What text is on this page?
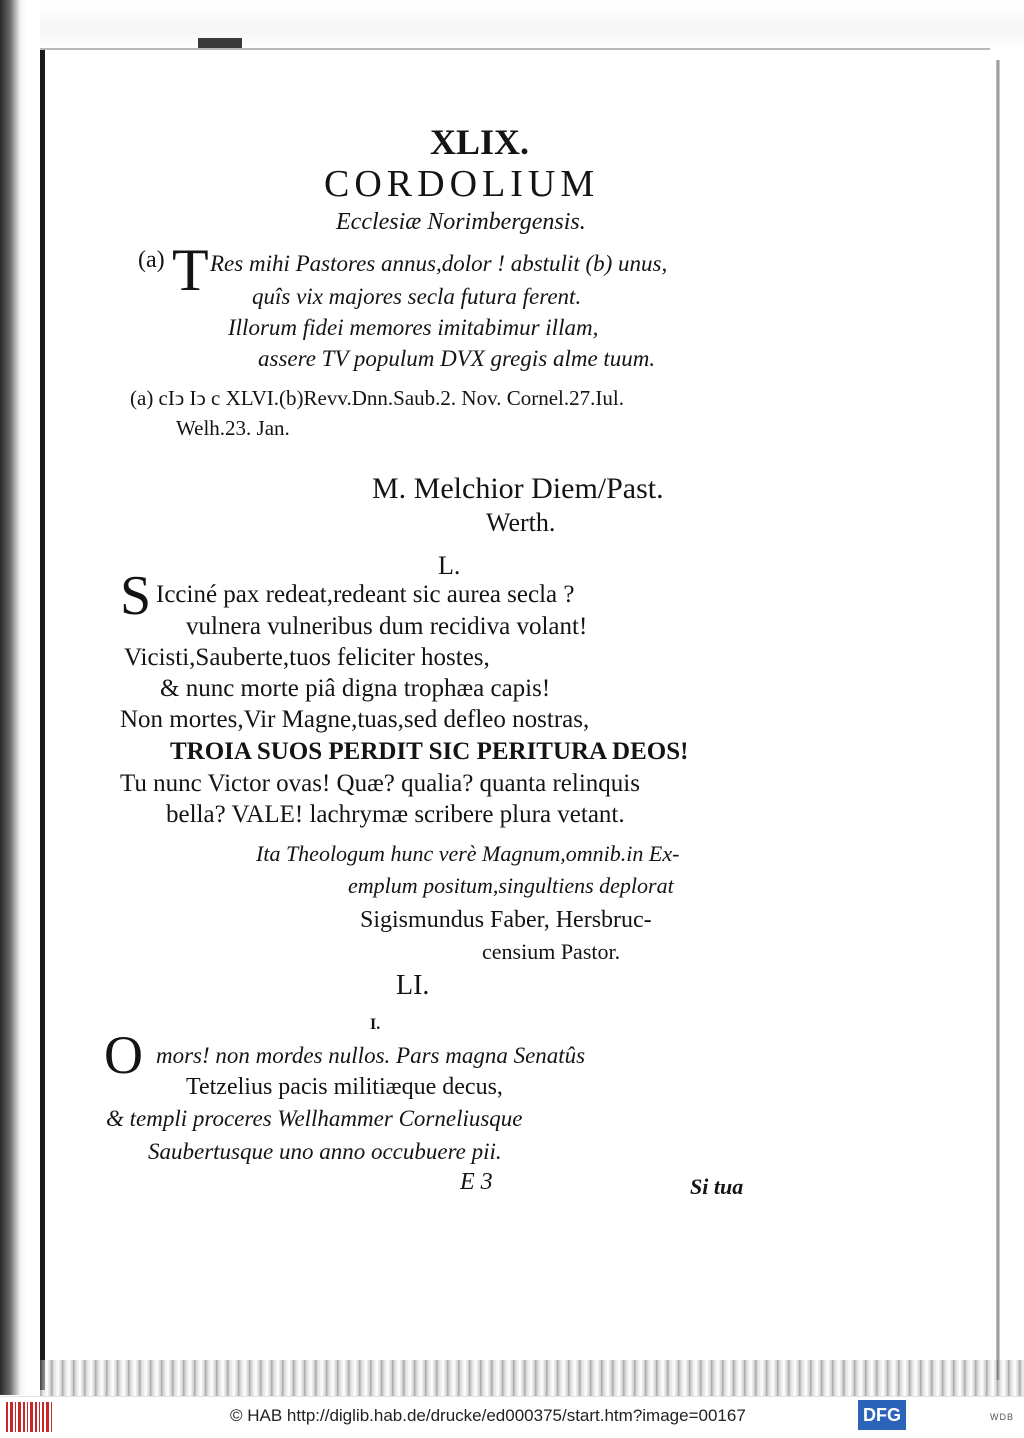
XLIX.
CORDOLIUM
Ecclesiæ Norimbergensis.
(a) T Res mihi Pastores annus,dolor ! abstulit (b) unus,
quîs vix majores secla futura ferent.
Illorum fidei memores imitabimur illam,
assere TV populum DVX gregis alme tuum.
(a) cIↄ Iↄ c XLVI.(b)Revv.Dnn.Saub.2. Nov. Cornel.27.Iul.
Welh.23. Jan.
M. Melchior Diem/Past.
Werth.
L.
S Icciné pax redeat,redeant sic aurea secla ?
vulnera vulneribus dum recidiva volant!
Vicisti,Sauberte,tuos feliciter hostes,
& nunc morte piâ digna trophæa capis!
Non mortes,Vir Magne,tuas,sed defleo nostras,
TROIA SUOS PERDIT SIC PERITURA DEOS!
Tu nunc Victor ovas! Quæ? qualia? quanta relinquis
bella? VALE! lachrymæ scribere plura vetant.
Ita Theologum hunc verè Magnum,omnib.in Ex-
emplum positum,singultiens deplorat
Sigismundus Faber, Hersbruc-
censium Pastor.
LI.
I.
O mors! non mordes nullos. Pars magna Senatûs
Tetzelius pacis militiæque decus,
& templi proceres Wellhammer Corneliusque
Saubertusque uno anno occubuere pii.
E 3	Si tua
© HAB http://diglib.hab.de/drucke/ed000375/start.htm?image=00167	DFG	WDB
